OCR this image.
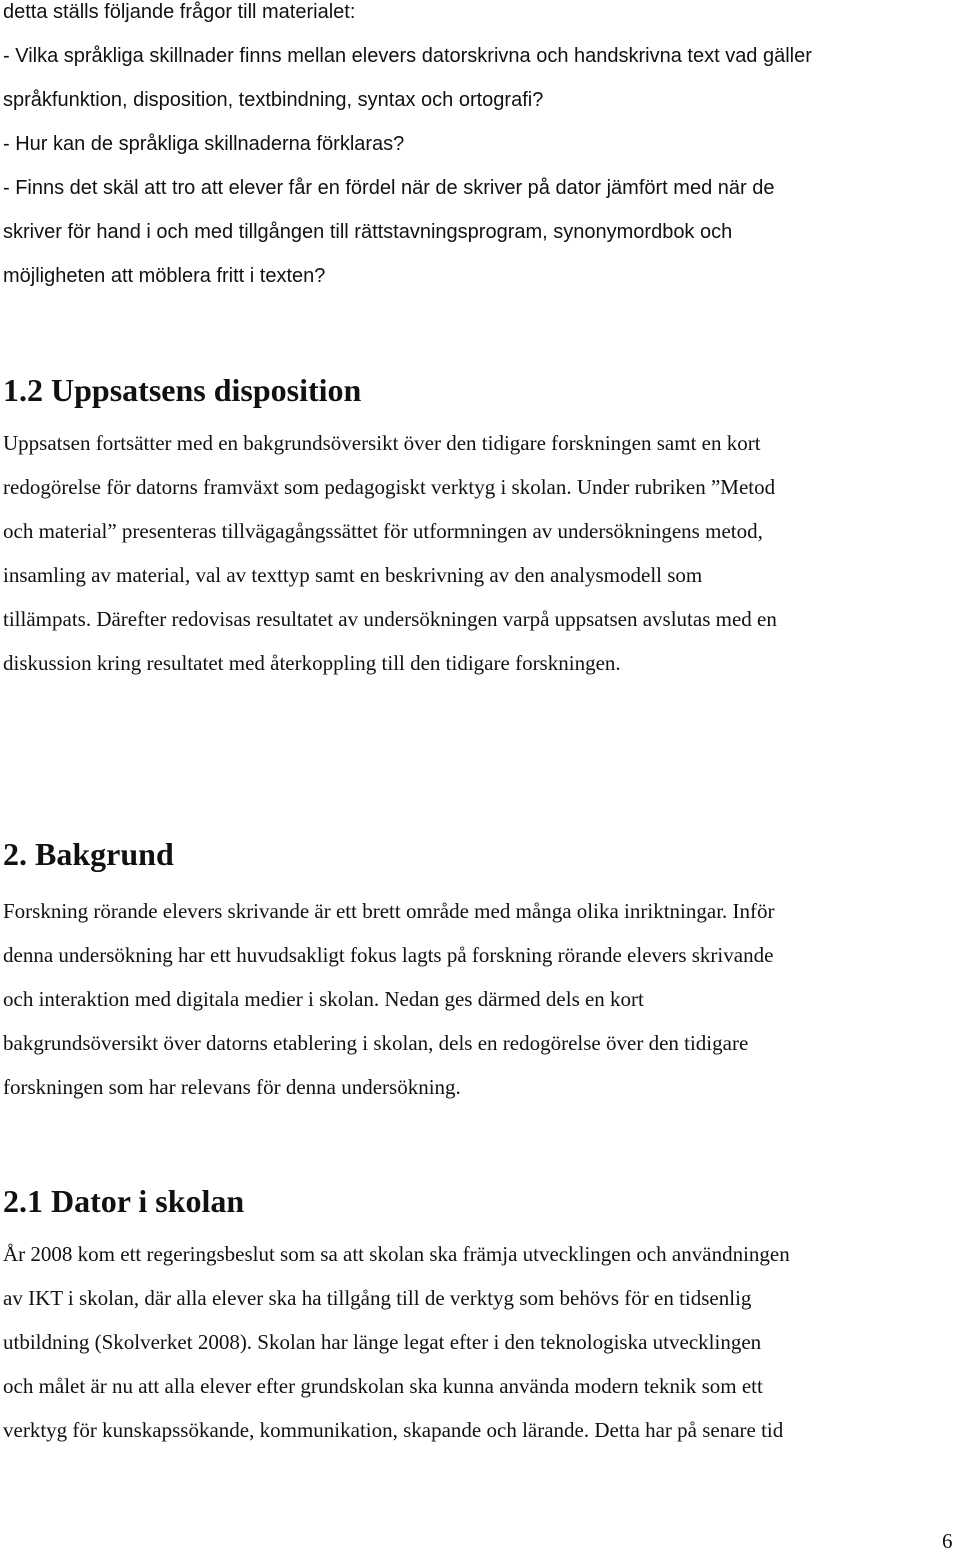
detta ställs följande frågor till materialet:
- Vilka språkliga skillnader finns mellan elevers datorskrivna och handskrivna text vad gäller
språkfunktion, disposition, textbindning, syntax och ortografi?
- Hur kan de språkliga skillnaderna förklaras?
- Finns det skäl att tro att elever får en fördel när de skriver på dator jämfört med när de
skriver för hand i och med tillgången till rättstavningsprogram, synonymordbok och
möjligheten att möblera fritt i texten?
1.2 Uppsatsens disposition
Uppsatsen fortsätter med en bakgrundsöversikt över den tidigare forskningen samt en kort
redogörelse för datorns framväxt som pedagogiskt verktyg i skolan. Under rubriken ”Metod
och material” presenteras tillvägagångssättet för utformningen av undersökningens metod,
insamling av material, val av texttyp samt en beskrivning av den analysmodell som
tillämpats. Därefter redovisas resultatet av undersökningen varpå uppsatsen avslutas med en
diskussion kring resultatet med återkoppling till den tidigare forskningen.
2. Bakgrund
Forskning rörande elevers skrivande är ett brett område med många olika inriktningar. Inför
denna undersökning har ett huvudsakligt fokus lagts på forskning rörande elevers skrivande
och interaktion med digitala medier i skolan. Nedan ges därmed dels en kort
bakgrundsöversikt över datorns etablering i skolan, dels en redogörelse över den tidigare
forskningen som har relevans för denna undersökning.
2.1 Dator i skolan
År 2008 kom ett regeringsbeslut som sa att skolan ska främja utvecklingen och användningen
av IKT i skolan, där alla elever ska ha tillgång till de verktyg som behövs för en tidsenlig
utbildning (Skolverket 2008). Skolan har länge legat efter i den teknologiska utvecklingen
och målet är nu att alla elever efter grundskolan ska kunna använda modern teknik som ett
verktyg för kunskapssökande, kommunikation, skapande och lärande. Detta har på senare tid
6
